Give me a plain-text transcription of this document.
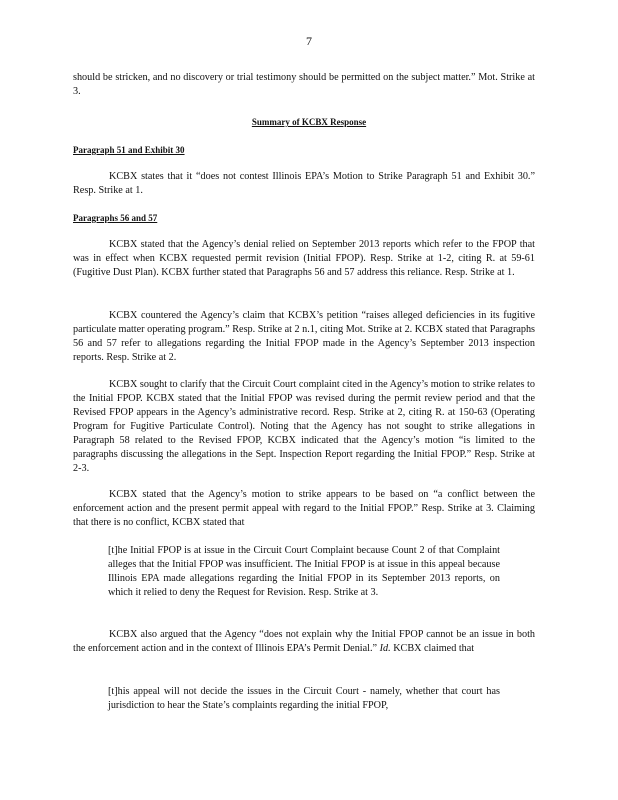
7

should be stricken, and no discovery or trial testimony should be permitted on the subject matter.” Mot. Strike at 3.

Summary of KCBX Response
Paragraph 51 and Exhibit 30

KCBX states that it “does not contest Illinois EPA’s Motion to Strike Paragraph 51 and Exhibit 30.” Resp. Strike at 1.

Paragraphs 56 and 57

KCBX stated that the Agency’s denial relied on September 2013 reports which refer to the FPOP that was in effect when KCBX requested permit revision (Initial FPOP). Resp. Strike at 1-2, citing R. at 59-61 (Fugitive Dust Plan). KCBX further stated that Paragraphs 56 and 57 address this reliance. Resp. Strike at 1.

KCBX countered the Agency’s claim that KCBX’s petition “raises alleged deficiencies in its fugitive particulate matter operating program.” Resp. Strike at 2 n.1, citing Mot. Strike at 2. KCBX stated that Paragraphs 56 and 57 refer to allegations regarding the Initial FPOP made in the Agency’s September 2013 inspection reports. Resp. Strike at 2.

KCBX sought to clarify that the Circuit Court complaint cited in the Agency’s motion to strike relates to the Initial FPOP. KCBX stated that the Initial FPOP was revised during the permit review period and that the Revised FPOP appears in the Agency’s administrative record. Resp. Strike at 2, citing R. at 150-63 (Operating Program for Fugitive Particulate Control). Noting that the Agency has not sought to strike allegations in Paragraph 58 related to the Revised FPOP, KCBX indicated that the Agency’s motion “is limited to the paragraphs discussing the allegations in the Sept. Inspection Report regarding the Initial FPOP.” Resp. Strike at 2-3.

KCBX stated that the Agency’s motion to strike appears to be based on “a conflict between the enforcement action and the present permit appeal with regard to the Initial FPOP.” Resp. Strike at 3. Claiming that there is no conflict, KCBX stated that

[t]he Initial FPOP is at issue in the Circuit Court Complaint because Count 2 of that Complaint alleges that the Initial FPOP was insufficient. The Initial FPOP is at issue in this appeal because Illinois EPA made allegations regarding the Initial FPOP in its September 2013 reports, on which it relied to deny the Request for Revision. Resp. Strike at 3.

KCBX also argued that the Agency “does not explain why the Initial FPOP cannot be an issue in both the enforcement action and in the context of Illinois EPA’s Permit Denial.” Id. KCBX claimed that

[t]his appeal will not decide the issues in the Circuit Court - namely, whether that court has jurisdiction to hear the State’s complaints regarding the initial FPOP,
